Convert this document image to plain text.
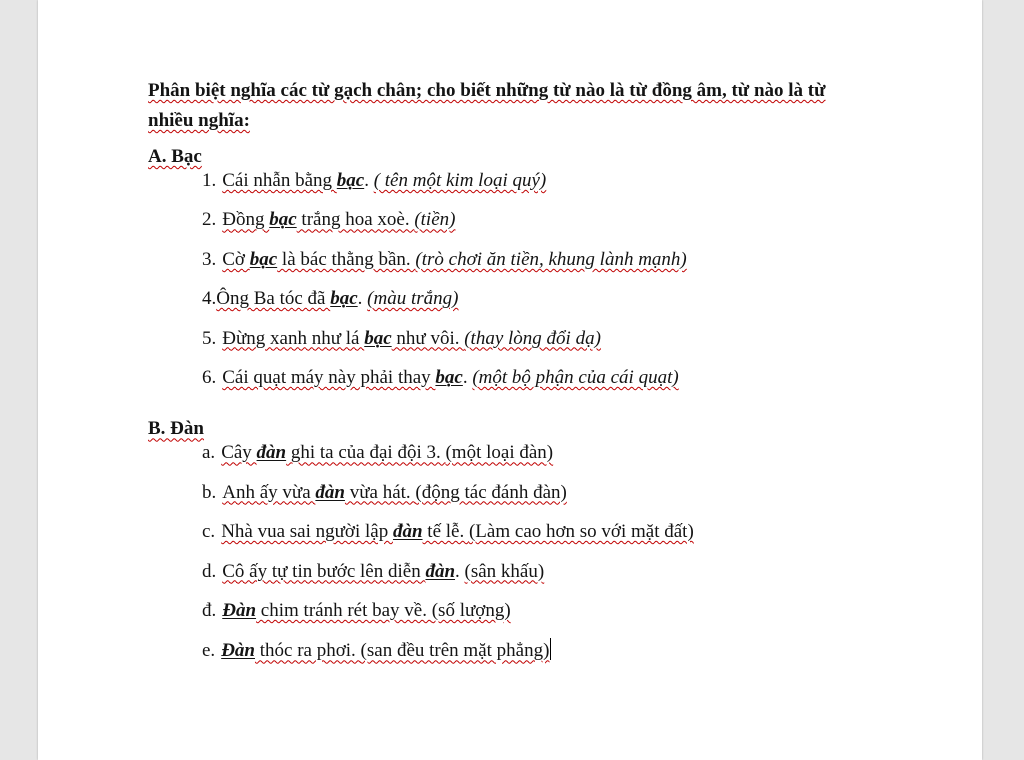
Phân biệt nghĩa các từ gạch chân; cho biết những từ nào là từ đồng âm, từ nào là từ nhiều nghĩa:

A. Bạc

1. Cái nhẫn bằng bạc. ( tên một kim loại quý)
2. Đồng bạc trắng hoa xoè. (tiền)
3. Cờ bạc là bác thằng bần. (trò chơi ăn tiền, khung lành mạnh)
4.Ông Ba tóc đã bạc. (màu trắng)
5. Đừng xanh như lá bạc như vôi. (thay lòng đổi dạ)
6. Cái quạt máy này phải thay bạc. (một bộ phận của cái quạt)

B. Đàn

a. Cây đàn ghi ta của đại đội 3. (một loại đàn)
b. Anh ấy vừa đàn vừa hát. (động tác đánh đàn)
c. Nhà vua sai người lập đàn tế lễ. (Làm cao hơn so với mặt đất)
d. Cô ấy tự tin bước lên diễn đàn. (sân khấu)
đ. Đàn chim tránh rét bay về. (số lượng)
e. Đàn thóc ra phơi. (san đều trên mặt phẳng)
